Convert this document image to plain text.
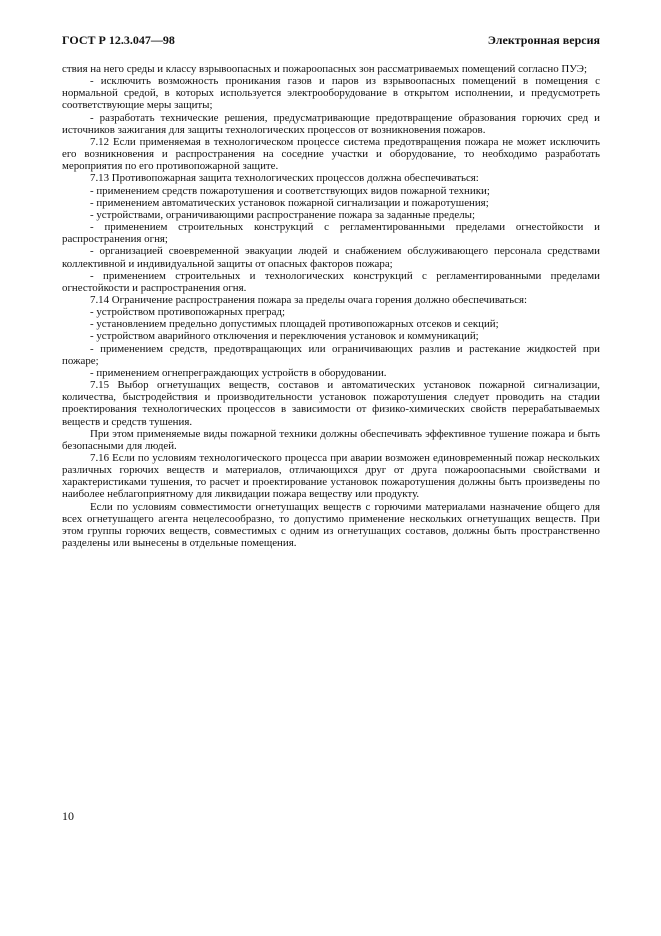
ГОСТ Р 12.3.047—98	Электронная версия

ствия на него среды и классу взрывоопасных и пожароопасных зон рассматриваемых помещений согласно ПУЭ;

- исключить возможность проникания газов и паров из взрывоопасных помещений в помещения с нормальной средой, в которых используется электрооборудование в открытом исполнении, и предусмотреть соответствующие меры защиты;

- разработать технические решения, предусматривающие предотвращение образования горючих сред и источников зажигания для защиты технологических процессов от возникновения пожаров.

7.12 Если применяемая в технологическом процессе система предотвращения пожара не может исключить его возникновения и распространения на соседние участки и оборудование, то необходимо разработать мероприятия по его противопожарной защите.

7.13 Противопожарная защита технологических процессов должна обеспечиваться:

- применением средств пожаротушения и соответствующих видов пожарной техники;

- применением автоматических установок пожарной сигнализации и пожаротушения;

- устройствами, ограничивающими распространение пожара за заданные пределы;

- применением строительных конструкций с регламентированными пределами огнестойкости и распространения огня;

- организацией своевременной эвакуации людей и снабжением обслуживающего персонала средствами коллективной и индивидуальной защиты от опасных факторов пожара;

- применением строительных и технологических конструкций с регламентированными пределами огнестойкости и распространения огня.

7.14 Ограничение распространения пожара за пределы очага горения должно обеспечиваться:

- устройством противопожарных преград;

- установлением предельно допустимых площадей противопожарных отсеков и секций;

- устройством аварийного отключения и переключения установок и коммуникаций;

- применением средств, предотвращающих или ограничивающих разлив и растекание жидкостей при пожаре;

- применением огнепреграждающих устройств в оборудовании.

7.15 Выбор огнетушащих веществ, составов и автоматических установок пожарной сигнализации, количества, быстродействия и производительности установок пожаротушения следует проводить на стадии проектирования технологических процессов в зависимости от физико-химических свойств перерабатываемых веществ и средств тушения.

При этом применяемые виды пожарной техники должны обеспечивать эффективное тушение пожара и быть безопасными для людей.

7.16 Если по условиям технологического процесса при аварии возможен единовременный пожар нескольких различных горючих веществ и материалов, отличающихся друг от друга пожароопасными свойствами и характеристиками тушения, то расчет и проектирование установок пожаротушения должны быть произведены по наиболее неблагоприятному для ликвидации пожара веществу или продукту.

Если по условиям совместимости огнетушащих веществ с горючими материалами назначение общего для всех огнетушащего агента нецелесообразно, то допустимо применение нескольких огнетушащих веществ. При этом группы горючих веществ, совместимых с одним из огнетушащих составов, должны быть пространственно разделены или вынесены в отдельные помещения.

10
